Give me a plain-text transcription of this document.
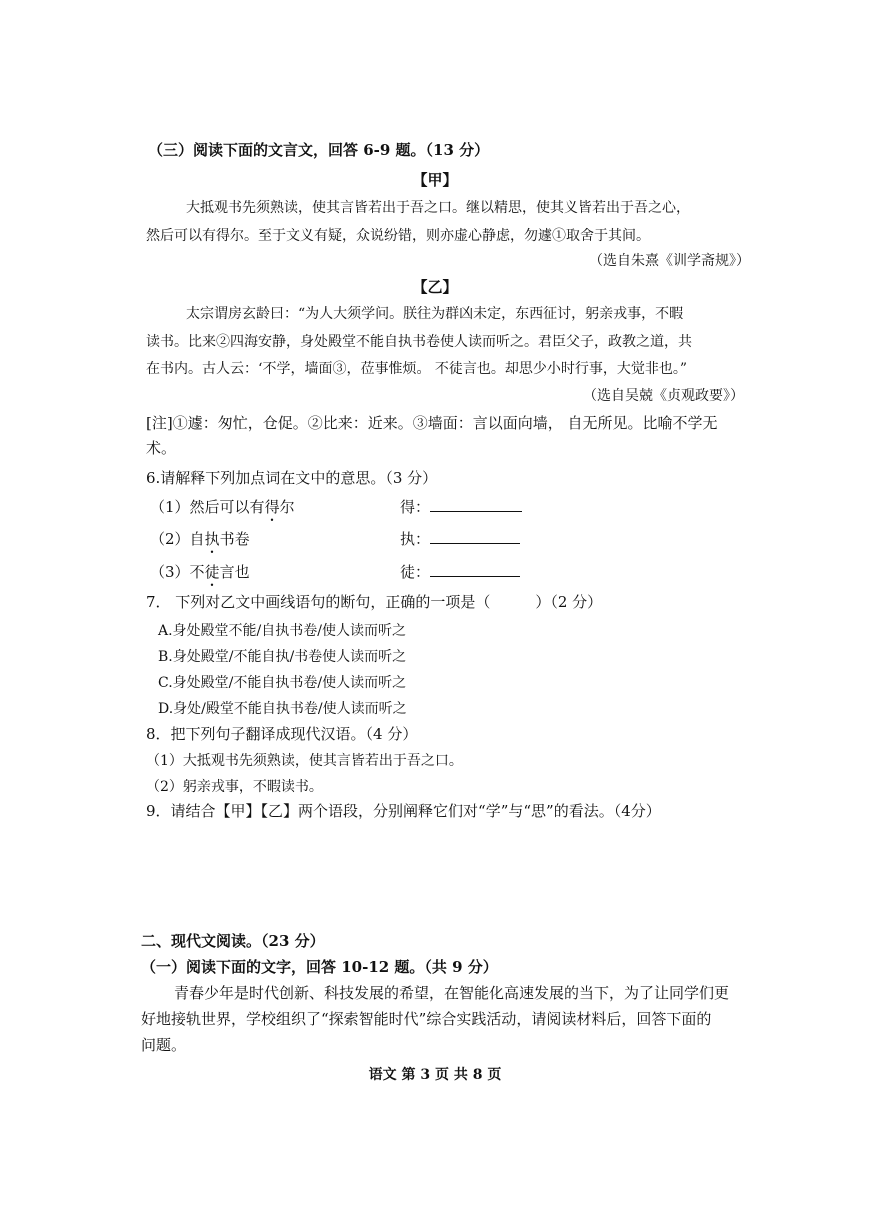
（三）阅读下面的文言文，回答 6-9 题。（13 分）
【甲】
大抵观书先须熟读，使其言皆若出于吾之口。继以精思，使其义皆若出于吾之心，
然后可以有得尔。至于文义有疑，众说纷错，则亦虚心静虑，勿遽①取舍于其间。
（选自朱熹《训学斋规》）
【乙】
太宗谓房玄龄曰：“为人大须学问。朕往为群凶未定，东西征讨，躬亲戎事，不暇
读书。比来②四海安静，身处殿堂不能自执书卷使人读而听之。君臣父子，政教之道，共
在书内。古人云：‘不学，墙面③，莅事惟烦。 不徒言也。却思少小时行事，大觉非也。”
（选自吴兢《贞观政要》）
[注]①遽：匆忙，仓促。②比来：近来。③墙面：言以面向墙， 自无所见。比喻不学无
术。
6.请解释下列加点词在文中的意思。（3 分）
（1）然后可以有得尔	得：
（2）自执书卷	执：
（3）不徒言也	徒：
7． 下列对乙文中画线语句的断句，正确的一项是（　　　）（2 分）
A.身处殿堂不能/自执书卷/使人读而听之
B.身处殿堂/不能自执/书卷使人读而听之
C.身处殿堂/不能自执书卷/使人读而听之
D.身处/殿堂不能自执书卷/使人读而听之
8．把下列句子翻译成现代汉语。（4 分）
（1）大抵观书先须熟读，使其言皆若出于吾之口。
（2）躬亲戎事，不暇读书。
9．请结合【甲】【乙】两个语段，分别阐释它们对“学”与“思”的看法。（4分）
二、现代文阅读。（23 分）
（一）阅读下面的文字，回答 10-12 题。（共 9 分）
青春少年是时代创新、科技发展的希望，在智能化高速发展的当下，为了让同学们更
好地接轨世界，学校组织了“探索智能时代”综合实践活动，请阅读材料后，回答下面的
问题。
语文 第 3 页 共 8 页
